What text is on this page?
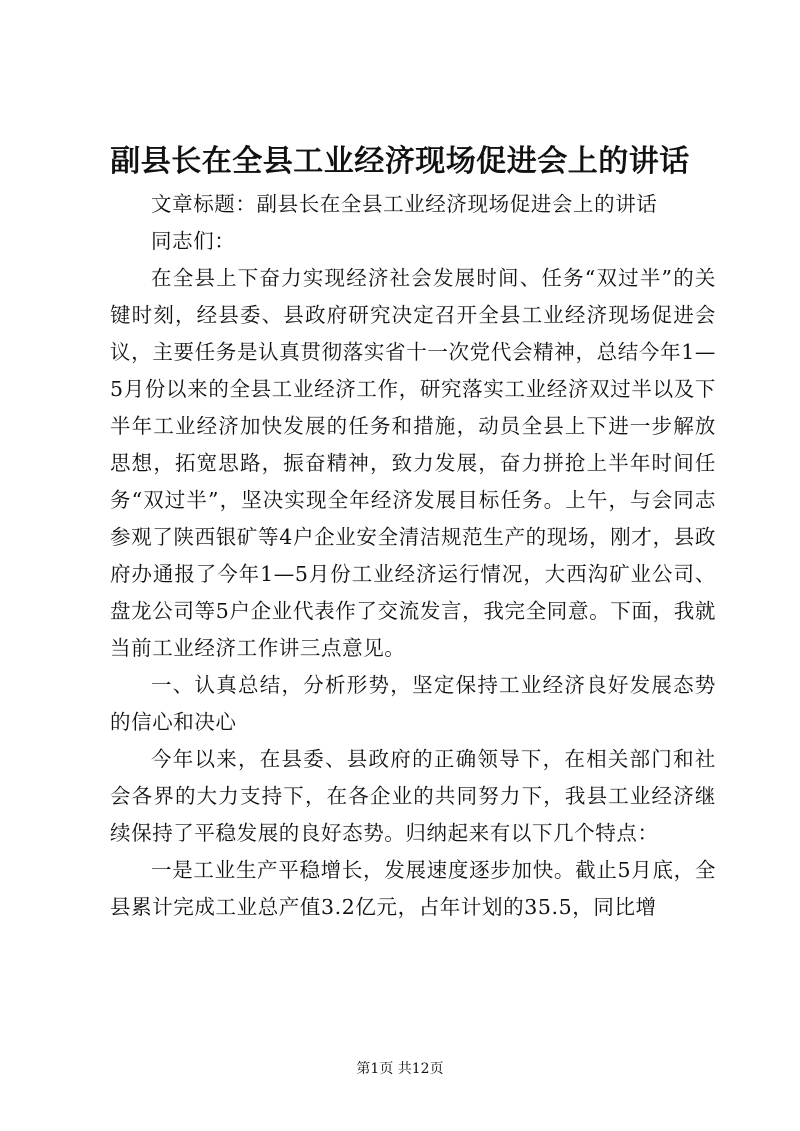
副县长在全县工业经济现场促进会上的讲话

文章标题：副县长在全县工业经济现场促进会上的讲话

同志们：

在全县上下奋力实现经济社会发展时间、任务“双过半”的关键时刻，经县委、县政府研究决定召开全县工业经济现场促进会议，主要任务是认真贯彻落实省十一次党代会精神，总结今年1—5月份以来的全县工业经济工作，研究落实工业经济双过半以及下半年工业经济加快发展的任务和措施，动员全县上下进一步解放思想，拓宽思路，振奋精神，致力发展，奋力拼抢上半年时间任务“双过半”，坚决实现全年经济发展目标任务。上午，与会同志参观了陕西银矿等4户企业安全清洁规范生产的现场，刚才，县政府办通报了今年1—5月份工业经济运行情况，大西沟矿业公司、盘龙公司等5户企业代表作了交流发言，我完全同意。下面，我就当前工业经济工作讲三点意见。

一、认真总结，分析形势，坚定保持工业经济良好发展态势的信心和决心

今年以来，在县委、县政府的正确领导下，在相关部门和社会各界的大力支持下，在各企业的共同努力下，我县工业经济继续保持了平稳发展的良好态势。归纳起来有以下几个特点：

一是工业生产平稳增长，发展速度逐步加快。截止5月底，全县累计完成工业总产值3.2亿元，占年计划的35.5，同比增

第1页 共12页
